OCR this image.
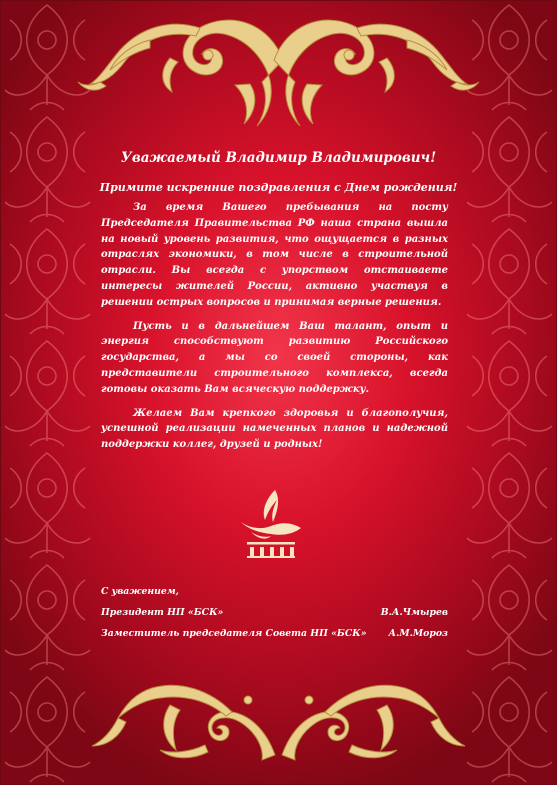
Уважаемый Владимир Владимирович!
Примите искренние поздравления с Днем рождения!

За время Вашего пребывания на посту Председателя Правительства РФ наша страна вышла на новый уровень развития, что ощущается в разных отраслях экономики, в том числе в строительной отрасли. Вы всегда с упорством отстаиваете интересы жителей России, активно участвуя в решении острых вопросов и принимая верные решения.

Пусть и в дальнейшем Ваш талант, опыт и энергия способствуют развитию Российского государства, а мы со своей стороны, как представители строительного комплекса, всегда готовы оказать Вам всяческую поддержку.

Желаем Вам крепкого здоровья и благополучия, успешной реализации намеченных планов и надежной поддержки коллег, друзей и родных!

С уважением,
Президент НП «БСК»	В.А.Чмырев
Заместитель председателя Совета НП «БСК» А.М.Мороз
